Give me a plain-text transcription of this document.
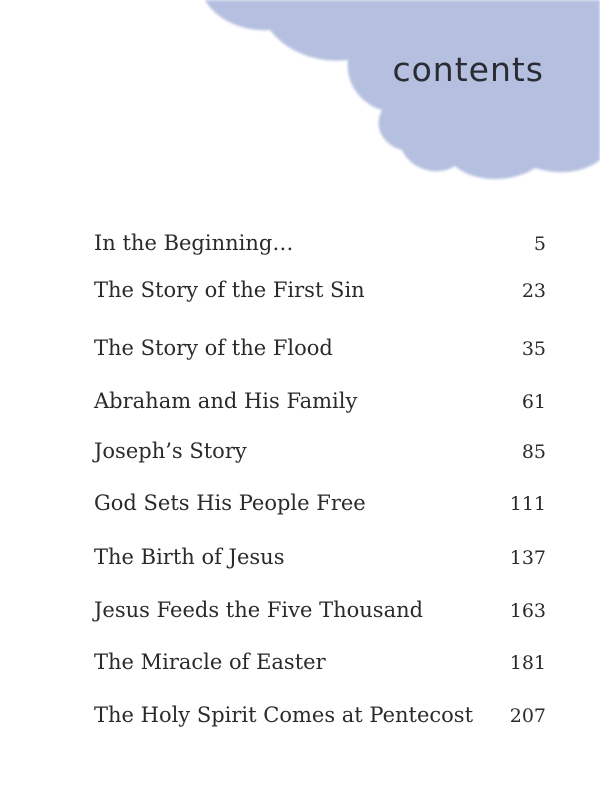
contents
In the Beginning…	5
The Story of the First Sin	23
The Story of the Flood	35
Abraham and His Family	61
Joseph’s Story	85
God Sets His People Free	111
The Birth of Jesus	137
Jesus Feeds the Five Thousand	163
The Miracle of Easter	181
The Holy Spirit Comes at Pentecost 207
